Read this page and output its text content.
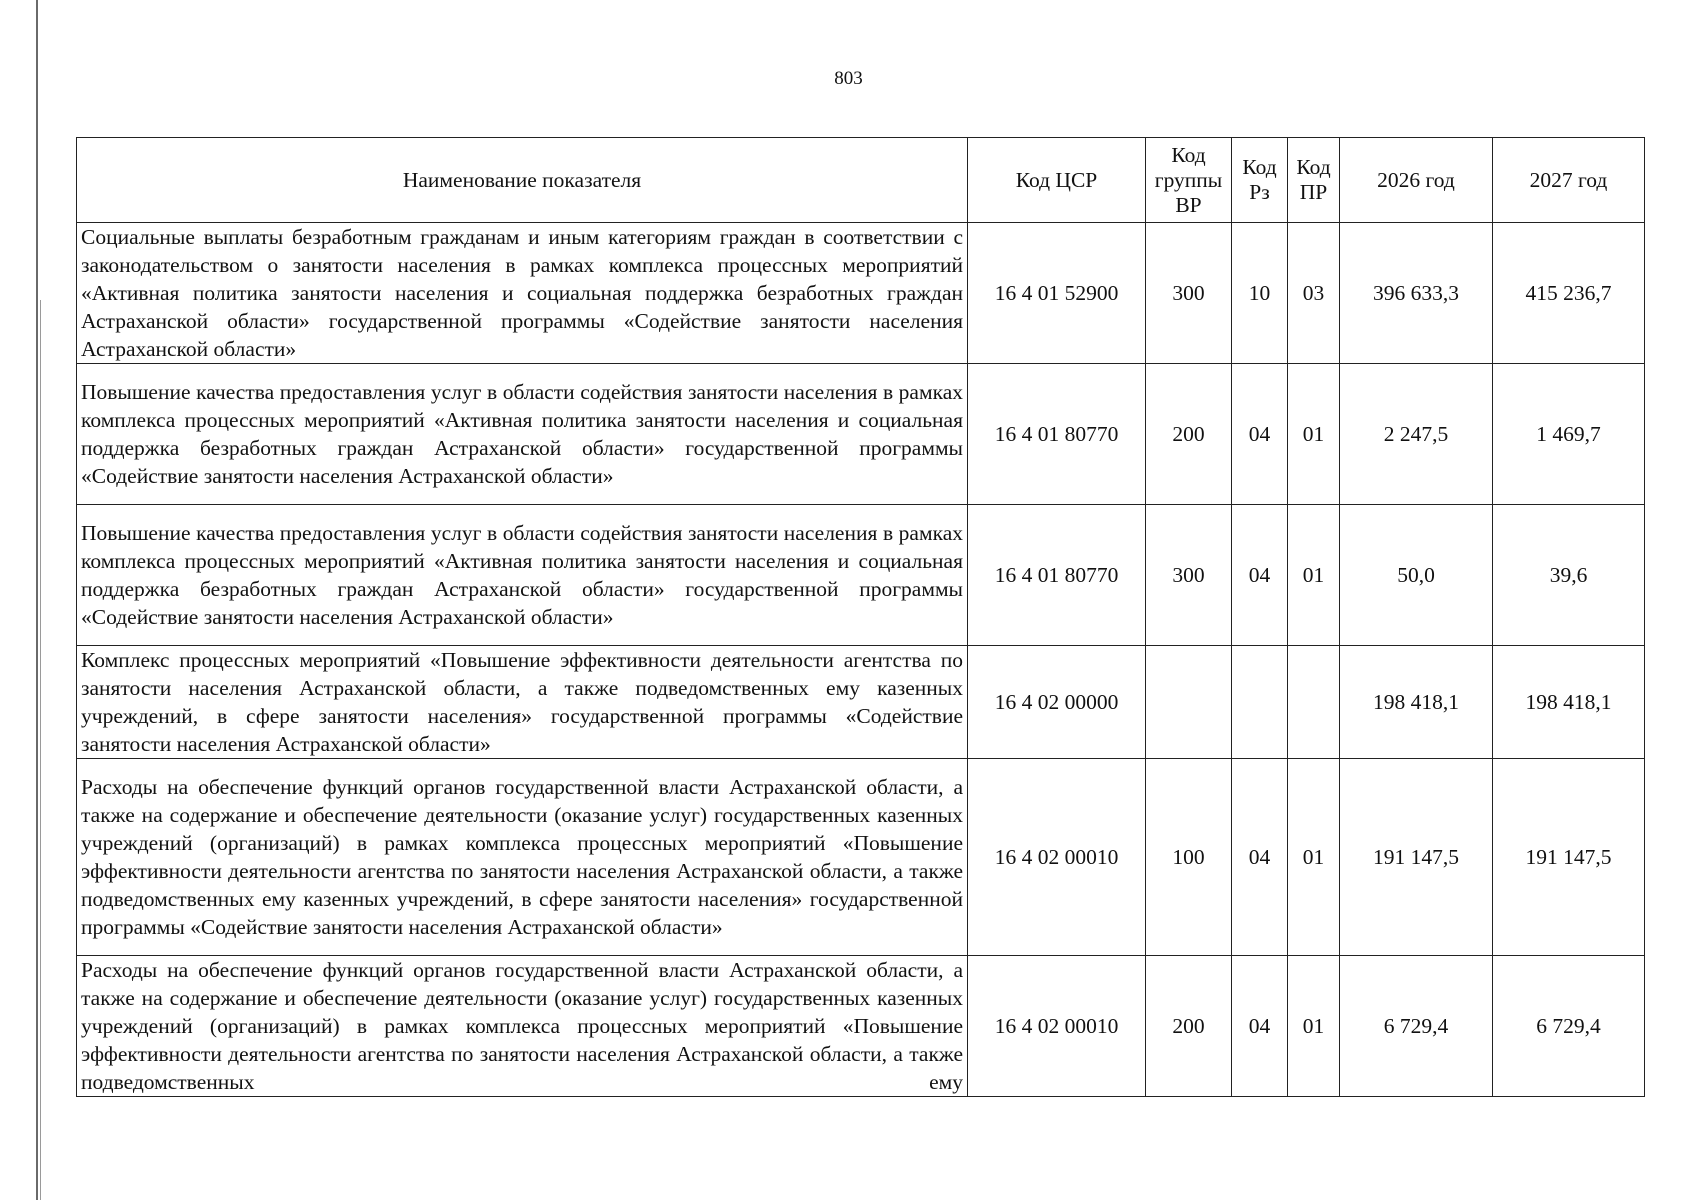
803
Наименование показателя	Код ЦСР	Код группы ВР	Код Рз	Код ПР	2026 год	2027 год
Социальные выплаты безработным гражданам и иным категориям граждан в соответствии с законодательством о занятости населения в рамках комплекса процессных мероприятий «Активная политика занятости населения и социальная поддержка безработных граждан Астраханской области» государственной программы «Содействие занятости населения Астраханской области»	16 4 01 52900	300	10	03	396 633,3	415 236,7
Повышение качества предоставления услуг в области содействия занятости населения в рамках комплекса процессных мероприятий «Активная политика занятости населения и социальная поддержка безработных граждан Астраханской области» государственной программы «Содействие занятости населения Астраханской области»	16 4 01 80770	200	04	01	2 247,5	1 469,7
Повышение качества предоставления услуг в области содействия занятости населения в рамках комплекса процессных мероприятий «Активная политика занятости населения и социальная поддержка безработных граждан Астраханской области» государственной программы «Содействие занятости населения Астраханской области»	16 4 01 80770	300	04	01	50,0	39,6
Комплекс процессных мероприятий «Повышение эффективности деятельности агентства по занятости населения Астраханской области, а также подведомственных ему казенных учреждений, в сфере занятости населения» государственной программы «Содействие занятости населения Астраханской области»	16 4 02 00000				198 418,1	198 418,1
Расходы на обеспечение функций органов государственной власти Астраханской области, а также на содержание и обеспечение деятельности (оказание услуг) государственных казенных учреждений (организаций) в рамках комплекса процессных мероприятий «Повышение эффективности деятельности агентства по занятости населения Астраханской области, а также подведомственных ему казенных учреждений, в сфере занятости населения» государственной программы «Содействие занятости населения Астраханской области»	16 4 02 00010	100	04	01	191 147,5	191 147,5
Расходы на обеспечение функций органов государственной власти Астраханской области, а также на содержание и обеспечение деятельности (оказание услуг) государственных казенных учреждений (организаций) в рамках комплекса процессных мероприятий «Повышение эффективности деятельности агентства по занятости населения Астраханской области, а также подведомственных ему	16 4 02 00010	200	04	01	6 729,4	6 729,4
